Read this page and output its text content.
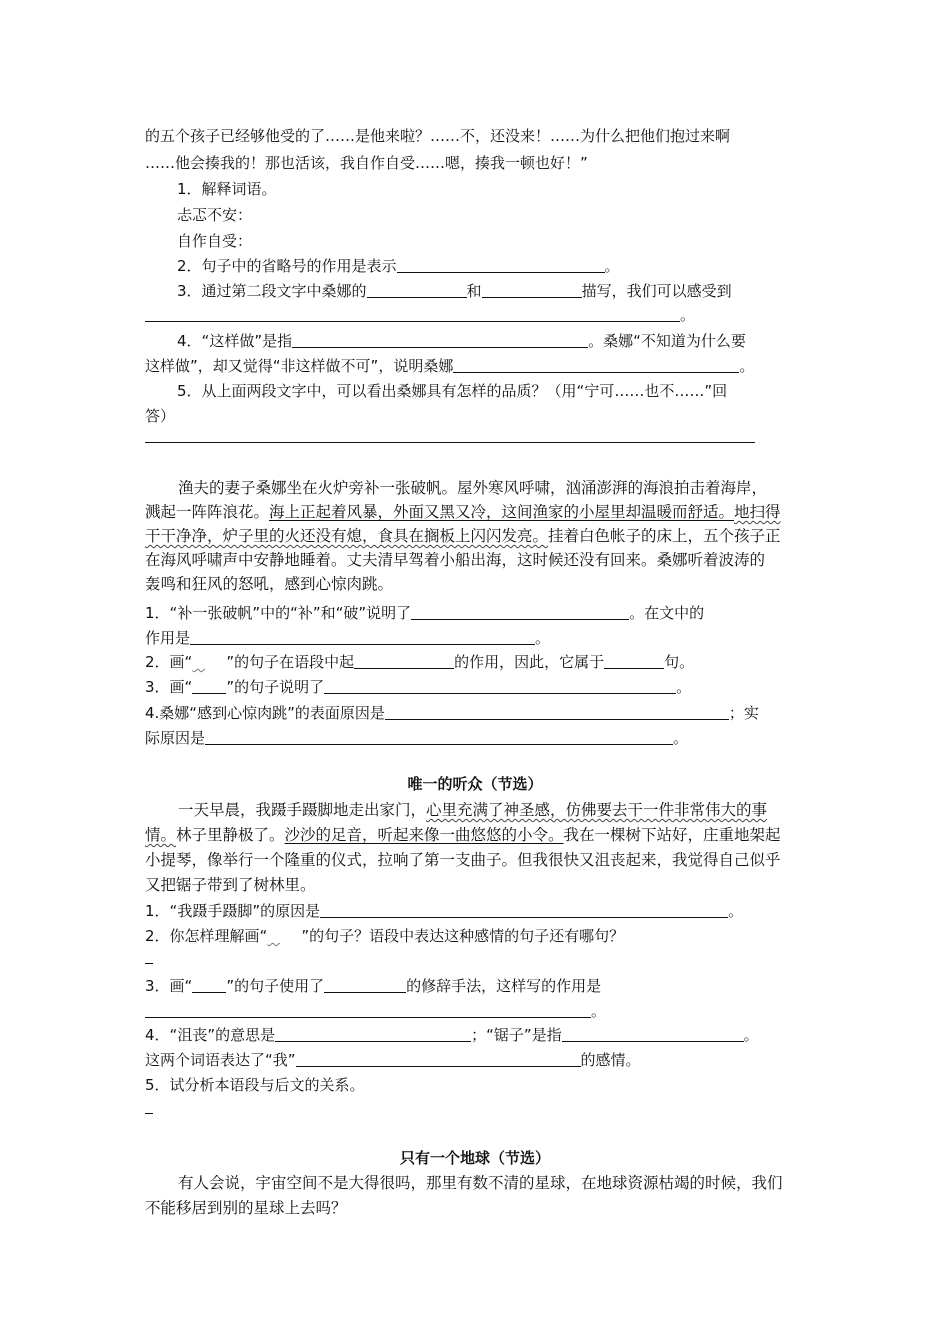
的五个孩子已经够他受的了……是他来啦？……不，还没来！……为什么把他们抱过来啊
……他会揍我的！那也活该，我自作自受……嗯，揍我一顿也好！”
1．解释词语。
忐忑不安：
自作自受：
2．句子中的省略号的作用是表示	。
3．通过第二段文字中桑娜的	和	描写，我们可以感受到
。
4．“这样做”是指	。桑娜“不知道为什么要
这样做”，却又觉得“非这样做不可”，说明桑娜	。
5．从上面两段文字中，可以看出桑娜具有怎样的品质？（用“宁可……也不……”回
答）
渔夫的妻子桑娜坐在火炉旁补一张破帆。屋外寒风呼啸，汹涌澎湃的海浪拍击着海岸，
溅起一阵阵浪花。海上正起着风暴，外面又黑又冷，这间渔家的小屋里却温暖而舒适。地扫得
干干净净，炉子里的火还没有熄，食具在搁板上闪闪发亮。挂着白色帐子的床上，五个孩子正
在海风呼啸声中安静地睡着。丈夫清早驾着小船出海，这时候还没有回来。桑娜听着波涛的
轰鸣和狂风的怒吼，感到心惊肉跳。
1．“补一张破帆”中的“补”和“破”说明了	。在文中的
作用是	。
2．画“ ”的句子在语段中起	的作用，因此，它属于	句。
3．画“ ”的句子说明了	。
4.桑娜“感到心惊肉跳”的表面原因是	；实
际原因是	。
唯一的听众（节选）
一天早晨，我蹑手蹑脚地走出家门，心里充满了神圣感，仿佛要去干一件非常伟大的事
情。林子里静极了。沙沙的足音，听起来像一曲悠悠的小令。我在一棵树下站好，庄重地架起
小提琴，像举行一个隆重的仪式，拉响了第一支曲子。但我很快又沮丧起来，我觉得自己似乎
又把锯子带到了树林里。
1．“我蹑手蹑脚”的原因是	。
2．你怎样理解画“ ”的句子？语段中表达这种感情的句子还有哪句？
3．画“ ”的句子使用了	的修辞手法，这样写的作用是
。
4．“沮丧”的意思是	；“锯子”是指	。
这两个词语表达了“我”	的感情。
5．试分析本语段与后文的关系。
只有一个地球（节选）
有人会说，宇宙空间不是大得很吗，那里有数不清的星球，在地球资源枯竭的时候，我们
不能移居到别的星球上去吗？
